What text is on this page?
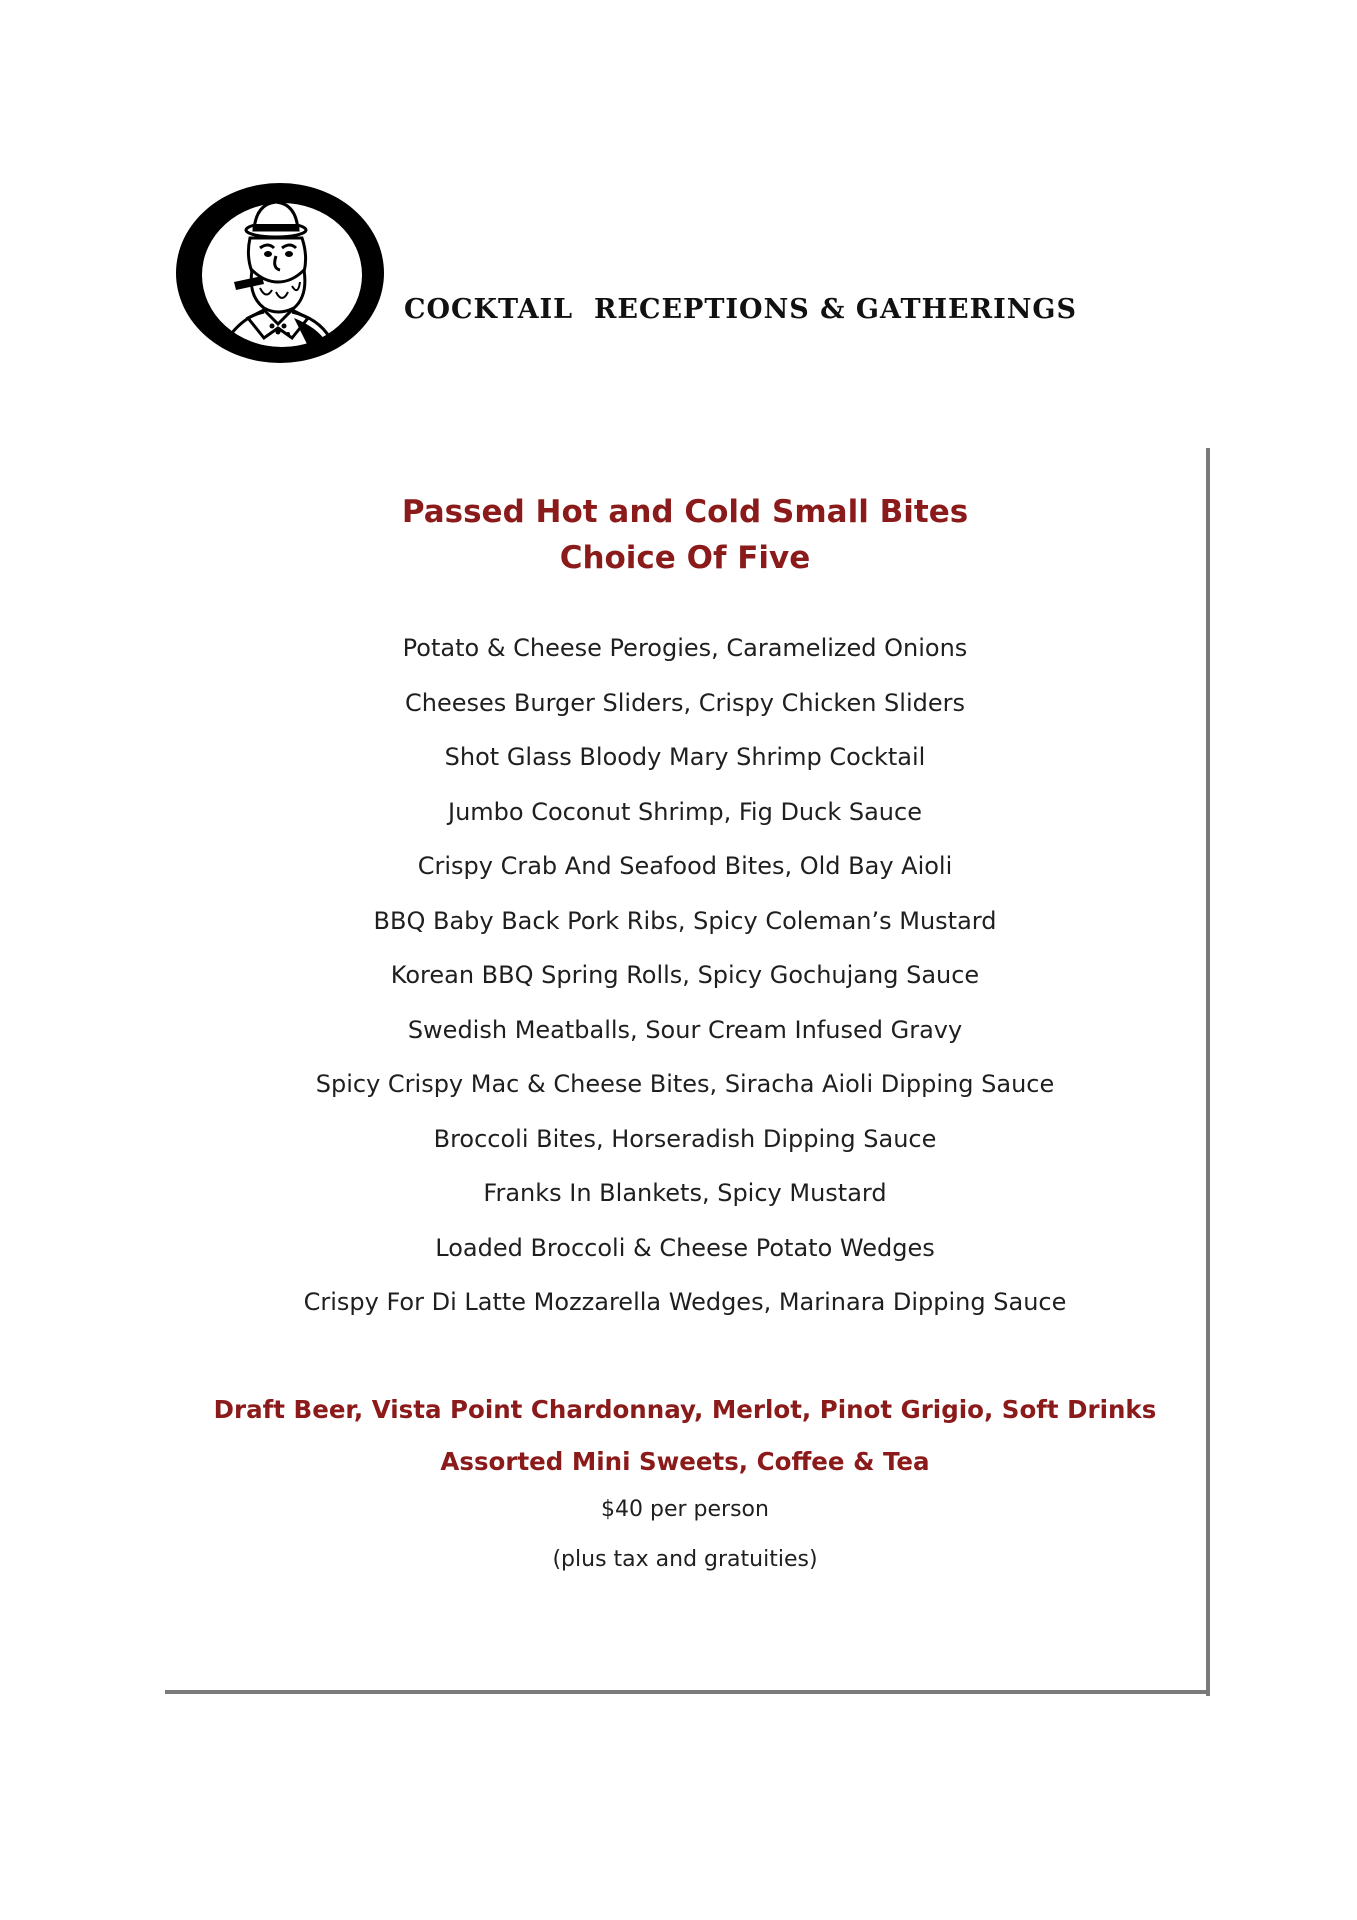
COCKTAIL  RECEPTIONS & GATHERINGS
Passed Hot and Cold Small Bites
Choice Of Five
Potato & Cheese Perogies, Caramelized Onions
Cheeses Burger Sliders, Crispy Chicken Sliders
Shot Glass Bloody Mary Shrimp Cocktail
Jumbo Coconut Shrimp, Fig Duck Sauce
Crispy Crab And Seafood Bites, Old Bay Aioli
BBQ Baby Back Pork Ribs, Spicy Coleman’s Mustard
Korean BBQ Spring Rolls, Spicy Gochujang Sauce
Swedish Meatballs, Sour Cream Infused Gravy
Spicy Crispy Mac & Cheese Bites, Siracha Aioli Dipping Sauce
Broccoli Bites, Horseradish Dipping Sauce
Franks In Blankets, Spicy Mustard
Loaded Broccoli & Cheese Potato Wedges
Crispy For Di Latte Mozzarella Wedges, Marinara Dipping Sauce
Draft Beer, Vista Point Chardonnay, Merlot, Pinot Grigio, Soft Drinks
Assorted Mini Sweets, Coffee & Tea
$40 per person
(plus tax and gratuities)
